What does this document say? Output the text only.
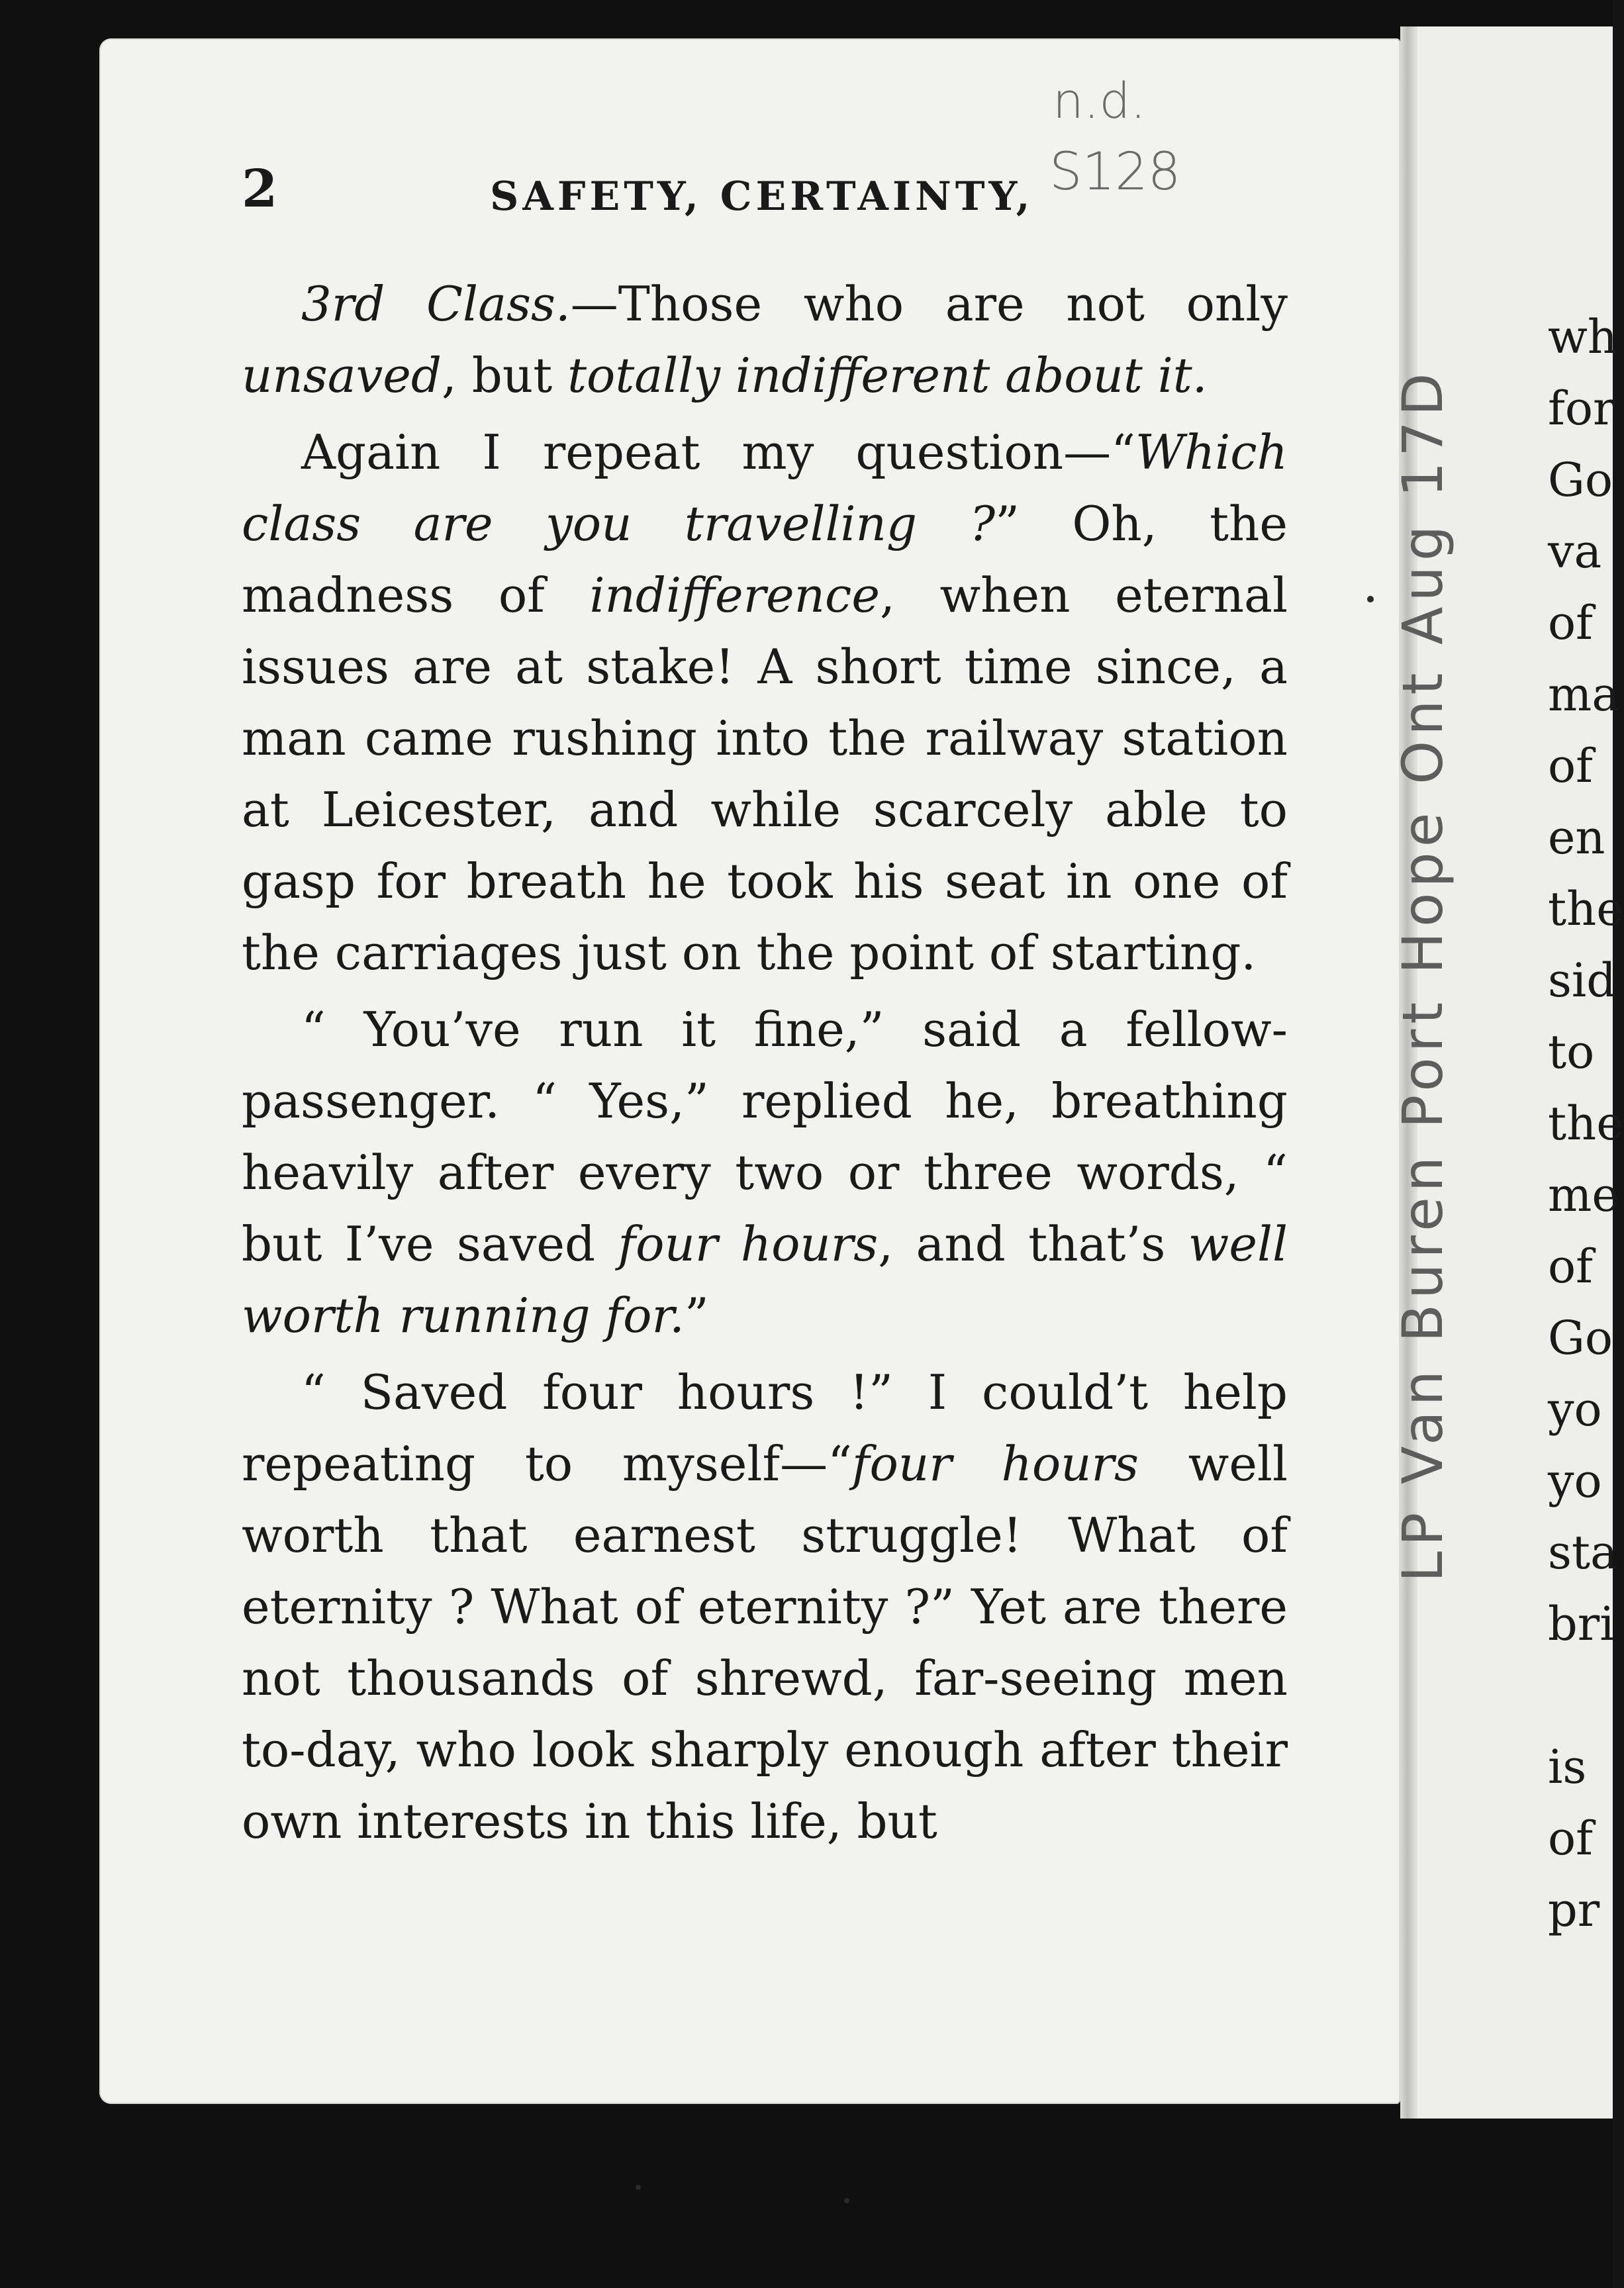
2	SAFETY, CERTAINTY,
n.d.
S128
LP Van Buren Port Hope Ont Aug 17D

3rd Class.—Those who are not only unsaved, but totally indifferent about it.

Again I repeat my question—“Which class are you travelling ?” Oh, the madness of indifference, when eternal issues are at stake! A short time since, a man came rushing into the railway station at Leicester, and while scarcely able to gasp for breath he took his seat in one of the carriages just on the point of starting.

“ You’ve run it fine,” said a fellow-passenger. “ Yes,” replied he, breathing heavily after every two or three words, “ but I’ve saved four hours, and that’s well worth running for.”

“ Saved four hours !” I could’t help repeating to myself—“four hours well worth that earnest struggle! What of eternity ? What of eternity ?” Yet are there not thousands of shrewd, far-seeing men to-day, who look sharply enough after their own interests in this life, but

wh
for
Go
va
of
ma
of
en
the
sid
to
the
me
of
Go
yo
yo
sta
bri
is
of
pr
